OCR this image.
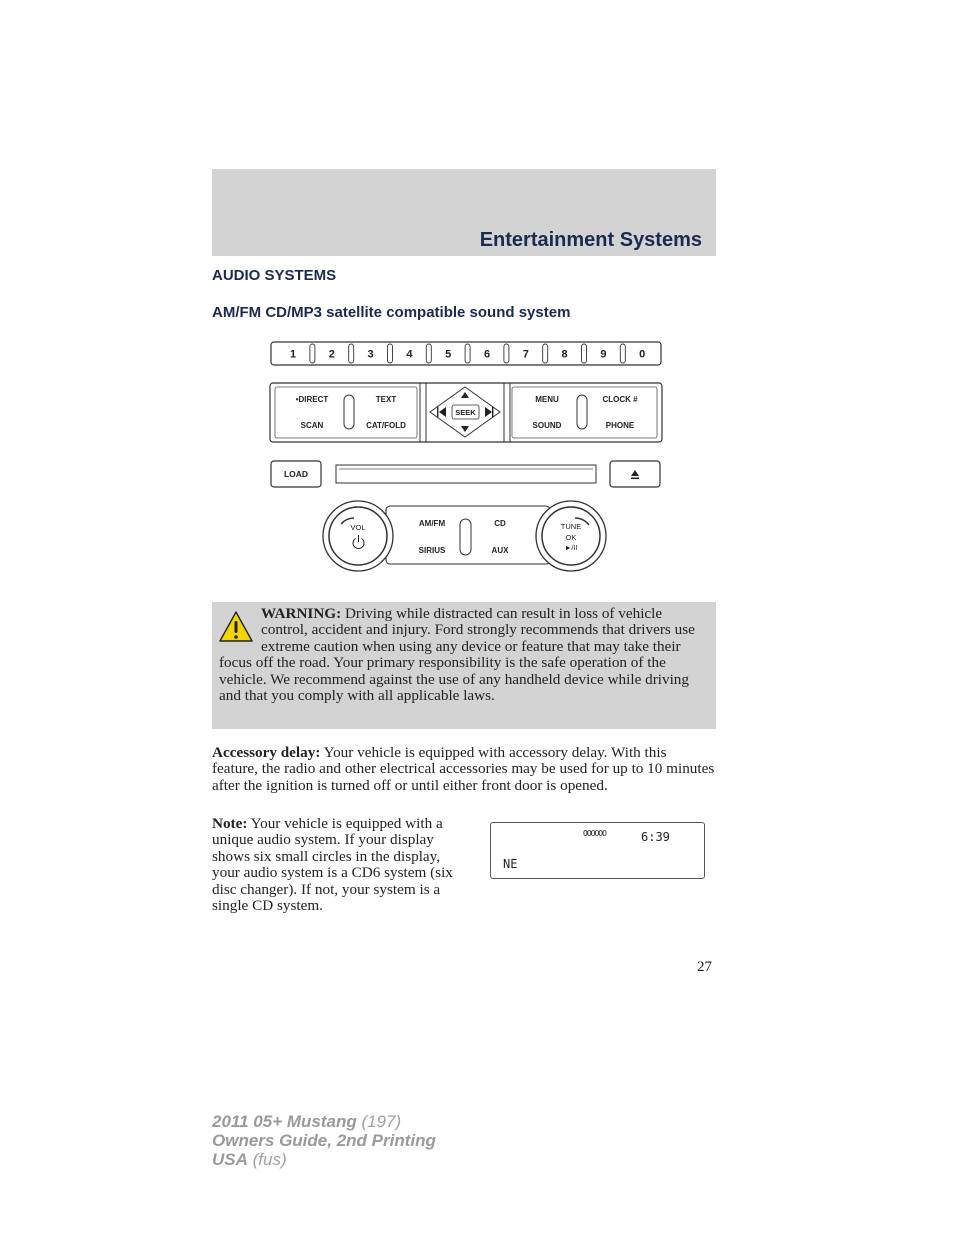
Entertainment Systems
AUDIO SYSTEMS
AM/FM CD/MP3 satellite compatible sound system
1	2	3	4	5	6	7	8	9	0
SEEK
•DIRECT	TEXT
SCAN	CAT/FOLD
MENU	CLOCK #
SOUND	PHONE
LOAD
AM/FM	CD
SIRIUS	AUX
VOL	TUNE
OK
►/II
WARNING: Driving while distracted can result in loss of vehicle control, accident and injury. Ford strongly recommends that drivers use extreme caution when using any device or feature that may take their focus off the road. Your primary responsibility is the safe operation of the vehicle. We recommend against the use of any handheld device while driving and that you comply with all applicable laws.
Accessory delay: Your vehicle is equipped with accessory delay. With this feature, the radio and other electrical accessories may be used for up to 10 minutes after the ignition is turned off or until either front door is opened.
Note: Your vehicle is equipped with a unique audio system. If your display shows six small circles in the display, your audio system is a CD6 system (six disc changer). If not, your system is a single CD system.
OOOOOO	6:39
NE
27
2011 05+ Mustang (197)
Owners Guide, 2nd Printing
USA (fus)
